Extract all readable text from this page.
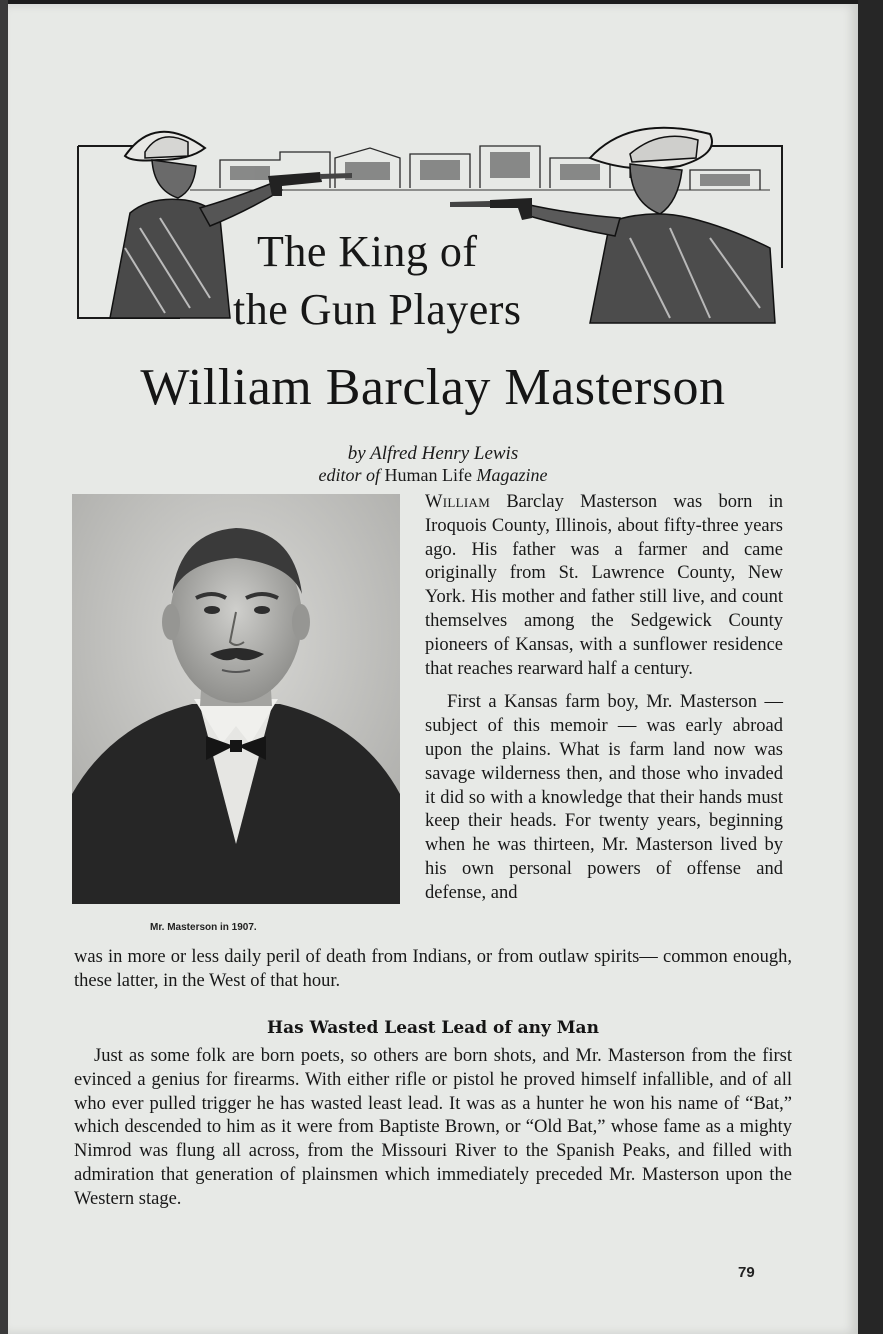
The King of
the Gun Players
William Barclay Masterson
by Alfred Henry Lewis
editor of Human Life Magazine
Mr. Masterson in 1907.

William Barclay Masterson was born in Iroquois County, Illinois, about fifty-three years ago. His father was a farmer and came originally from St. Lawrence County, New York. His mother and father still live, and count themselves among the Sedgewick County pioneers of Kansas, with a sunflower residence that reaches rearward half a century.

First a Kansas farm boy, Mr. Masterson — subject of this memoir — was early abroad upon the plains. What is farm land now was savage wilderness then, and those who invaded it did so with a knowledge that their hands must keep their heads. For twenty years, beginning when he was thirteen, Mr. Masterson lived by his own personal powers of offense and defense, and

was in more or less daily peril of death from Indians, or from outlaw spirits— common enough, these latter, in the West of that hour.

Has Wasted Least Lead of any Man

Just as some folk are born poets, so others are born shots, and Mr. Masterson from the first evinced a genius for firearms. With either rifle or pistol he proved himself infallible, and of all who ever pulled trigger he has wasted least lead. It was as a hunter he won his name of “Bat,” which descended to him as it were from Baptiste Brown, or “Old Bat,” whose fame as a mighty Nimrod was flung all across, from the Missouri River to the Spanish Peaks, and filled with admiration that generation of plainsmen which immediately preceded Mr. Masterson upon the Western stage.

79
